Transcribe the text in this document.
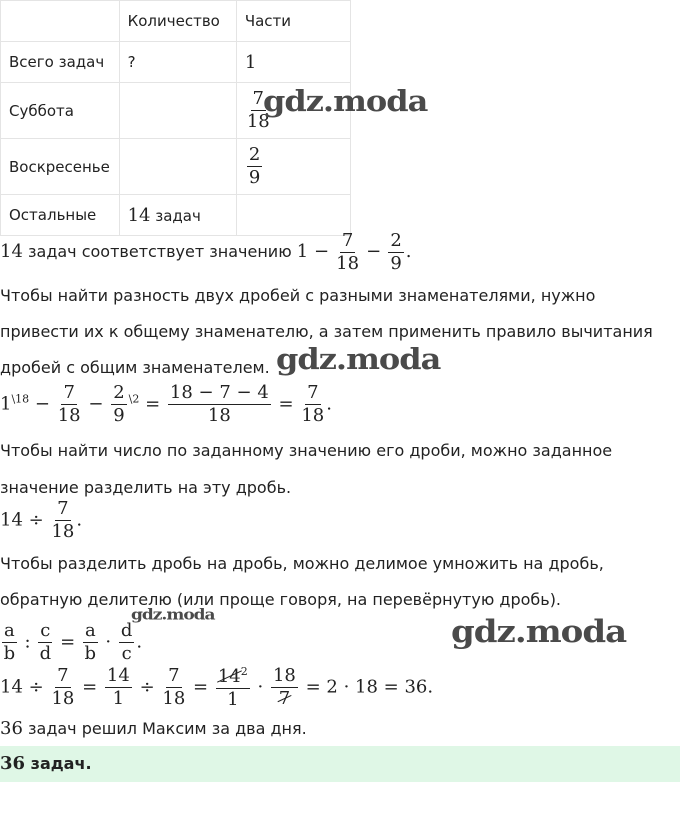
	Количество	Части
Всего задач	?	1
Суббота		$\frac{7}{18}$

Воскресенье		$\frac{2}{9}$

Остальные	14 задач	
14 задач соответствует значению $1 - \frac{7}{18} - \frac{2}{9}$ .
Чтобы найти разность двух дробей с разными знаменателями, нужно
привести их к общему знаменателю, а затем применить правило вычитания
дробей с общим знаменателем.
$1^{\backslash 18} - \frac{7}{18} - \frac{2}{9} ^{\backslash 2} = \frac{18 - 7 - 4}{18} = \frac{7}{18}$ .
Чтобы найти число по заданному значению его дроби, можно заданное
значение разделить на эту дробь.
$14 \div \frac{7}{18}$ .
Чтобы разделить дробь на дробь, можно делимое умножить на дробь,
обратную делителю (или проще говоря, на перевёрнутую дробь).
$\frac{a}{b}$ : $\frac{c}{d} = \frac{a}{b} \cdot \frac{d}{c}$ .
$14 \div \frac{7}{18} = \frac{14}{1} \div \frac{7}{18} = \frac{14^2}{1} \cdot \frac{18}{7} = 2 \cdot 18 = 36$.
36 задач решил Максим за два дня.
36 задач.
gdz.moda
gdz.moda
gdz.moda	gdz.moda
